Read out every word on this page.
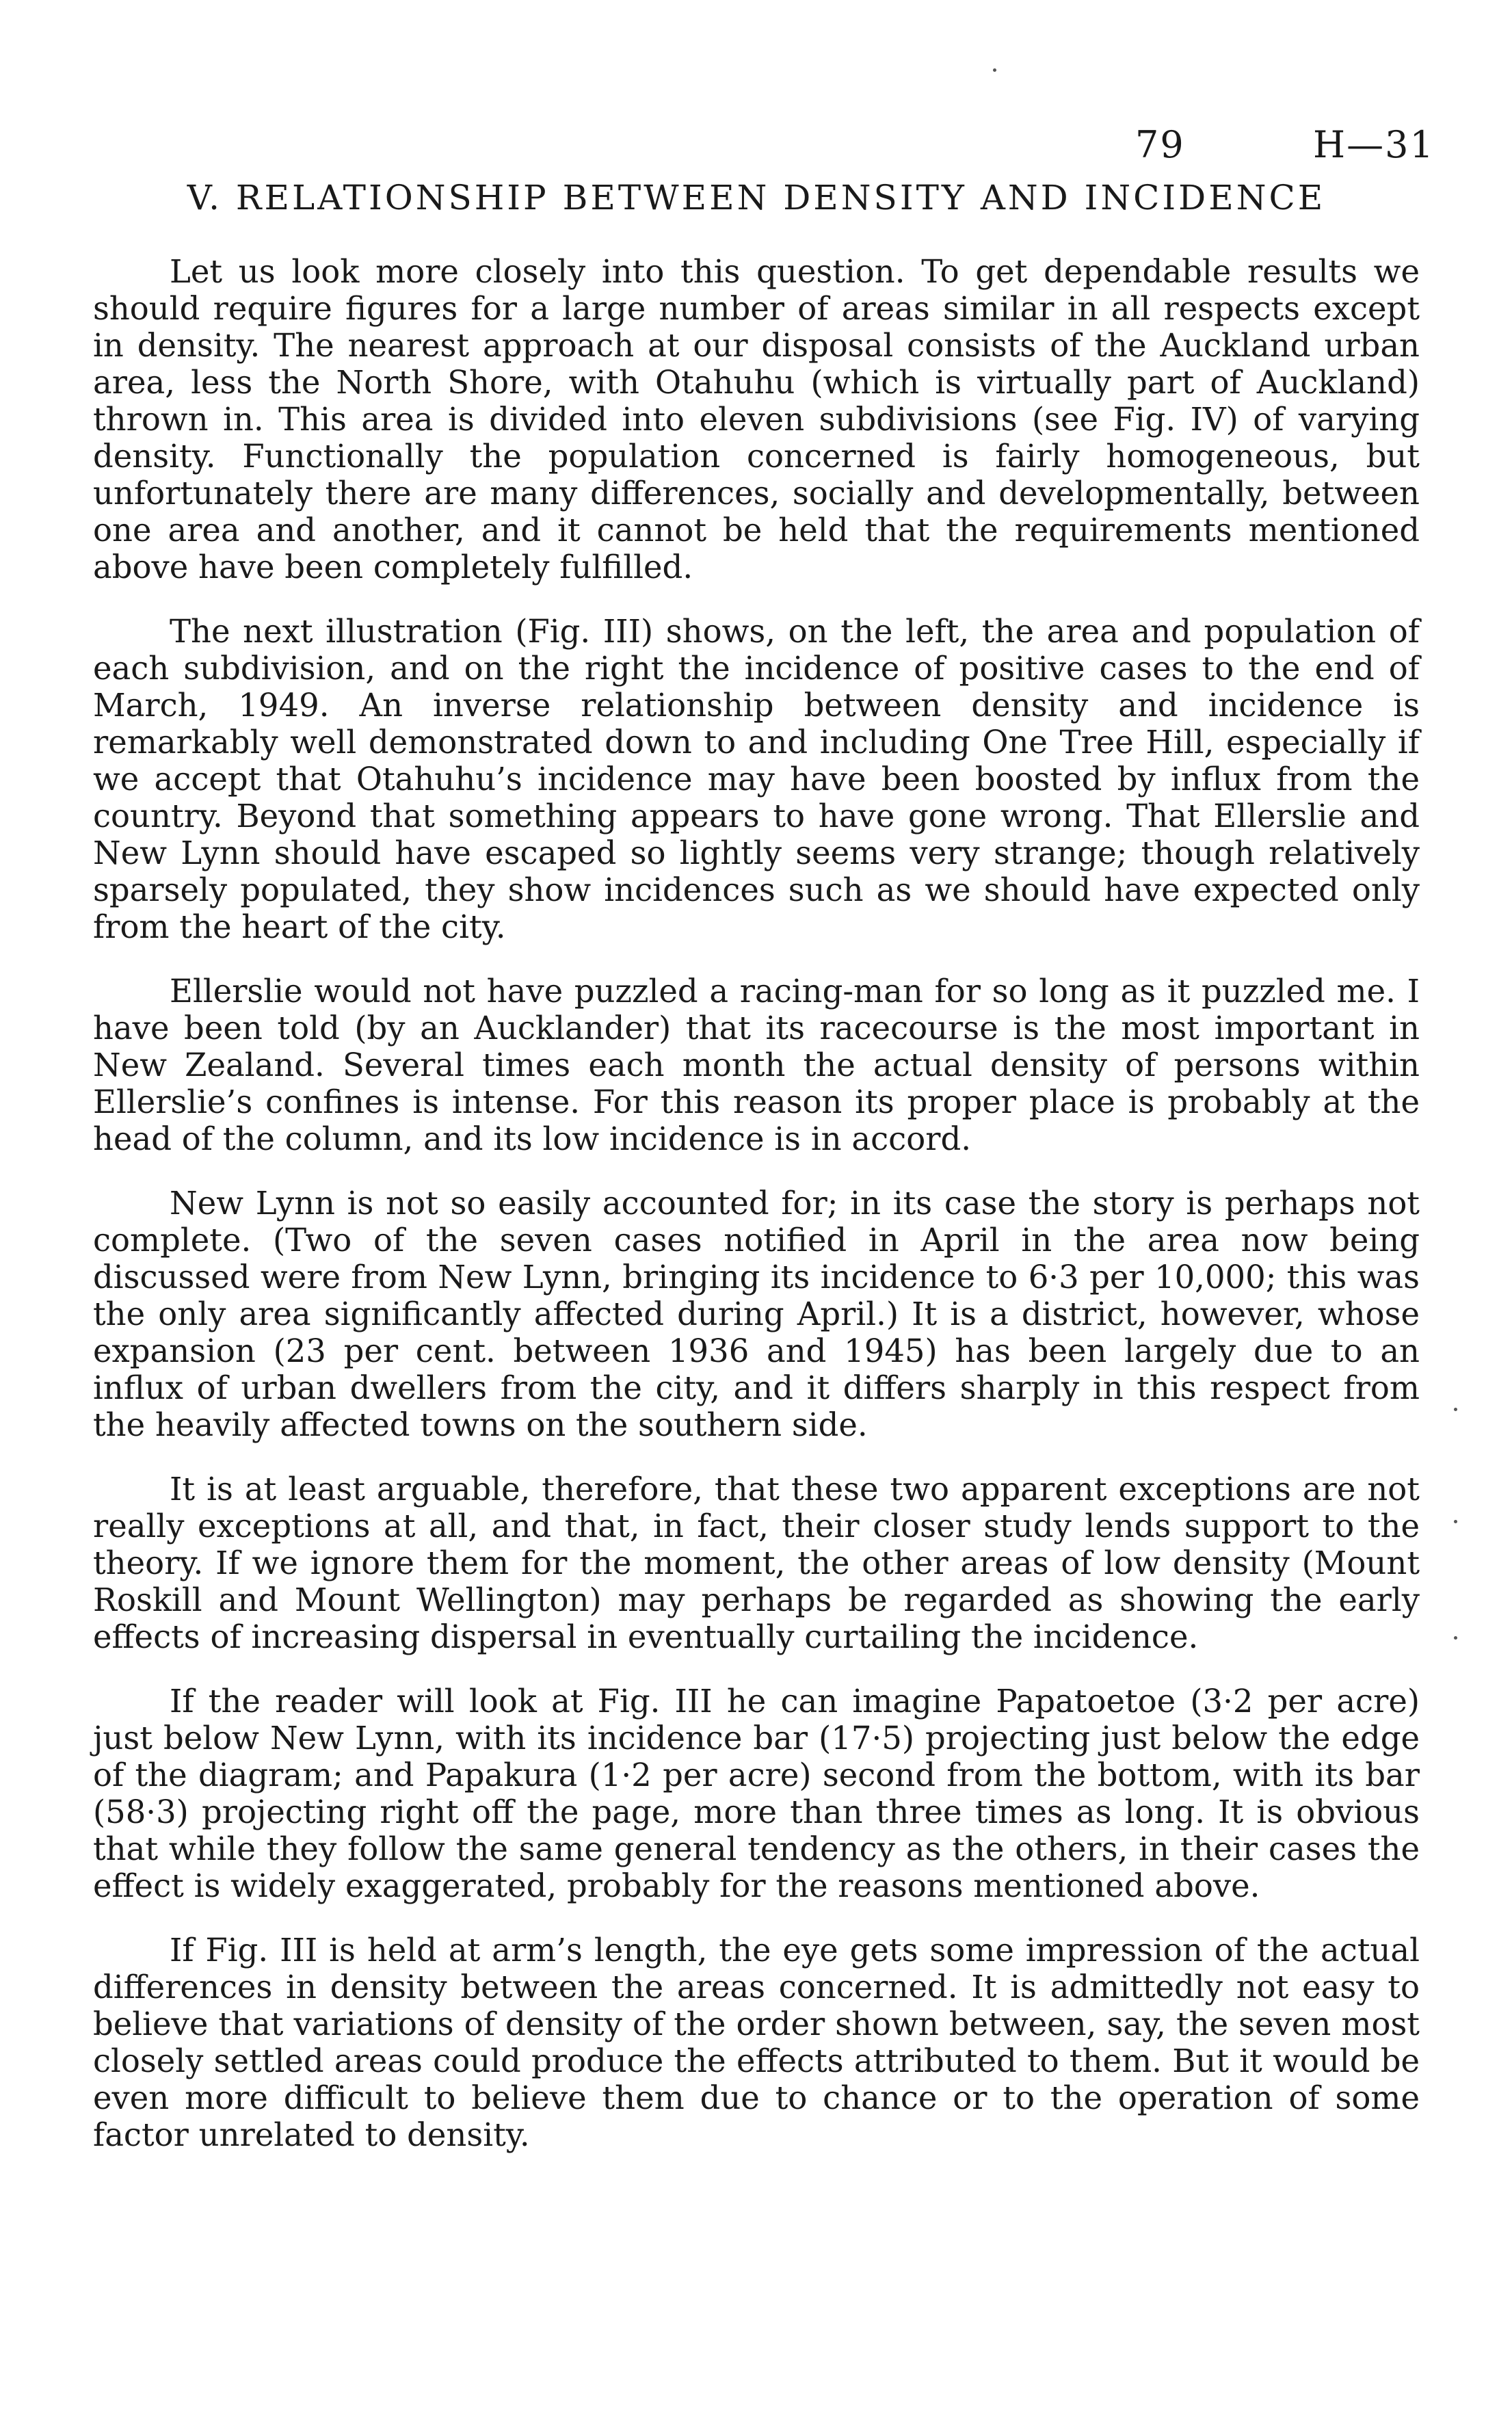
79	H—31
V. RELATIONSHIP BETWEEN DENSITY AND INCIDENCE

Let us look more closely into this question. To get dependable results we should require figures for a large number of areas similar in all respects except in density. The nearest approach at our disposal consists of the Auckland urban area, less the North Shore, with Otahuhu (which is virtually part of Auckland) thrown in. This area is divided into eleven subdivisions (see Fig. IV) of varying density. Functionally the population concerned is fairly homogeneous, but unfortunately there are many differences, socially and developmentally, between one area and another, and it cannot be held that the requirements mentioned above have been completely fulfilled.

The next illustration (Fig. III) shows, on the left, the area and population of each subdivision, and on the right the incidence of positive cases to the end of March, 1949. An inverse relationship between density and incidence is remarkably well demonstrated down to and including One Tree Hill, especially if we accept that Otahuhu’s incidence may have been boosted by influx from the country. Beyond that something appears to have gone wrong. That Ellerslie and New Lynn should have escaped so lightly seems very strange; though relatively sparsely populated, they show incidences such as we should have expected only from the heart of the city.

Ellerslie would not have puzzled a racing-man for so long as it puzzled me. I have been told (by an Aucklander) that its racecourse is the most important in New Zealand. Several times each month the actual density of persons within Ellerslie’s confines is intense. For this reason its proper place is probably at the head of the column, and its low incidence is in accord.

New Lynn is not so easily accounted for; in its case the story is perhaps not complete. (Two of the seven cases notified in April in the area now being discussed were from New Lynn, bringing its incidence to 6·3 per 10,000; this was the only area significantly affected during April.) It is a district, however, whose expansion (23 per cent. between 1936 and 1945) has been largely due to an influx of urban dwellers from the city, and it differs sharply in this respect from the heavily affected towns on the southern side.

It is at least arguable, therefore, that these two apparent exceptions are not really exceptions at all, and that, in fact, their closer study lends support to the theory. If we ignore them for the moment, the other areas of low density (Mount Roskill and Mount Wellington) may perhaps be regarded as showing the early effects of increasing dispersal in eventually curtailing the incidence.

If the reader will look at Fig. III he can imagine Papatoetoe (3·2 per acre) just below New Lynn, with its incidence bar (17·5) projecting just below the edge of the diagram; and Papakura (1·2 per acre) second from the bottom, with its bar (58·3) projecting right off the page, more than three times as long. It is obvious that while they follow the same general tendency as the others, in their cases the effect is widely exaggerated, probably for the reasons mentioned above.

If Fig. III is held at arm’s length, the eye gets some impression of the actual differences in density between the areas concerned. It is admittedly not easy to believe that variations of density of the order shown between, say, the seven most closely settled areas could produce the effects attributed to them. But it would be even more difficult to believe them due to chance or to the operation of some factor unrelated to density.
